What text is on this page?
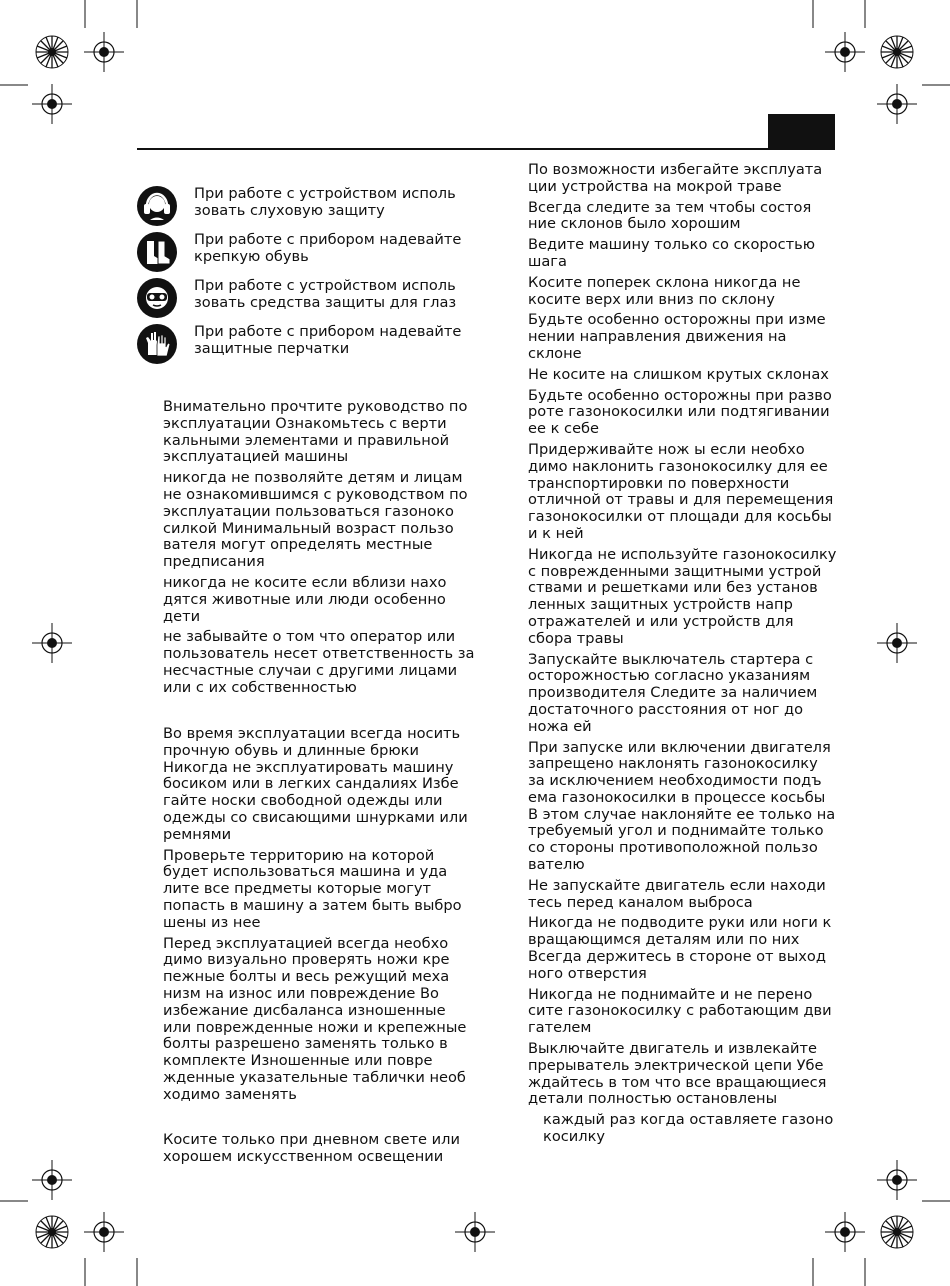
При работе с устройством исполь
зовать слуховую защиту
При работе с прибором надевайте
крепкую обувь
При работе с устройством исполь
зовать средства защиты для глаз
При работе с прибором надевайте
защитные перчатки

Внимательно прочтите руководство по
эксплуатации Ознакомьтесь с верти
кальными элементами и правильной
эксплуатацией машины

никогда не позволяйте детям и лицам
не ознакомившимся с руководством по
эксплуатации пользоваться газоноко
силкой Минимальный возраст пользо
вателя могут определять местные
предписания

никогда не косите если вблизи нахо
дятся животные или люди особенно
дети

не забывайте о том что оператор или
пользователь несет ответственность за
несчастные случаи с другими лицами
или с их собственностью

Во время эксплуатации всегда носить
прочную обувь и длинные брюки
Никогда не эксплуатировать машину
босиком или в легких сандалиях Избе
гайте носки свободной одежды или
одежды со свисающими шнурками или
ремнями

Проверьте территорию на которой
будет использоваться машина и уда
лите все предметы которые могут
попасть в машину а затем быть выбро
шены из нее

Перед эксплуатацией всегда необхо
димо визуально проверять ножи кре
пежные болты и весь режущий меха
низм на износ или повреждение Во
избежание дисбаланса изношенные
или поврежденные ножи и крепежные
болты разрешено заменять только в
комплекте Изношенные или повре
жденные указательные таблички необ
ходимо заменять

Косите только при дневном свете или
хорошем искусственном освещении

По возможности избегайте эксплуата
ции устройства на мокрой траве

Всегда следите за тем чтобы состоя
ние склонов было хорошим

Ведите машину только со скоростью
шага

Косите поперек склона никогда не
косите верх или вниз по склону

Будьте особенно осторожны при изме
нении направления движения на
склоне

Не косите на слишком крутых склонах

Будьте особенно осторожны при разво
роте газонокосилки или подтягивании
ее к себе

Придерживайте нож ы если необхо
димо наклонить газонокосилку для ее
транспортировки по поверхности
отличной от травы и для перемещения
газонокосилки от площади для косьбы
и к ней

Никогда не используйте газонокосилку
с поврежденными защитными устрой
ствами и решетками или без установ
ленных защитных устройств напр
отражателей и или устройств для
сбора травы

Запускайте выключатель стартера с
осторожностью согласно указаниям
производителя Следите за наличием
достаточного расстояния от ног до
ножа ей

При запуске или включении двигателя
запрещено наклонять газонокосилку
за исключением необходимости подъ
ема газонокосилки в процессе косьбы
В этом случае наклоняйте ее только на
требуемый угол и поднимайте только
со стороны противоположной пользо
вателю

Не запускайте двигатель если находи
тесь перед каналом выброса

Никогда не подводите руки или ноги к
вращающимся деталям или по них
Всегда держитесь в стороне от выход
ного отверстия

Никогда не поднимайте и не перено
сите газонокосилку с работающим дви
гателем

Выключайте двигатель и извлекайте
прерыватель электрической цепи Убе
ждайтесь в том что все вращающиеся
детали полностью остановлены

каждый раз когда оставляете газоно
косилку
